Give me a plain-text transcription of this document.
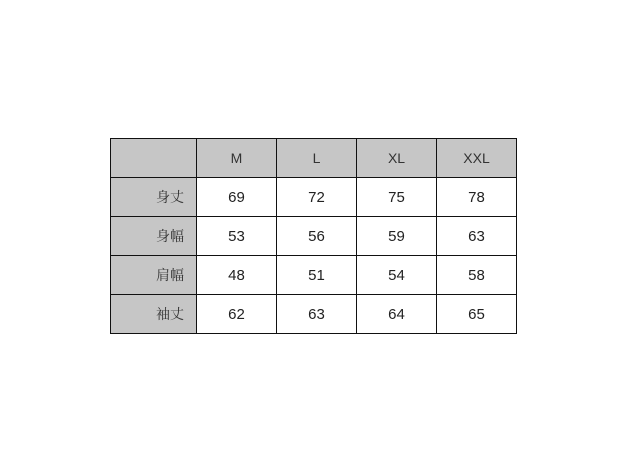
	M	L	XL	XXL
身丈	69	72	75	78
身幅	53	56	59	63
肩幅	48	51	54	58
袖丈	62	63	64	65
